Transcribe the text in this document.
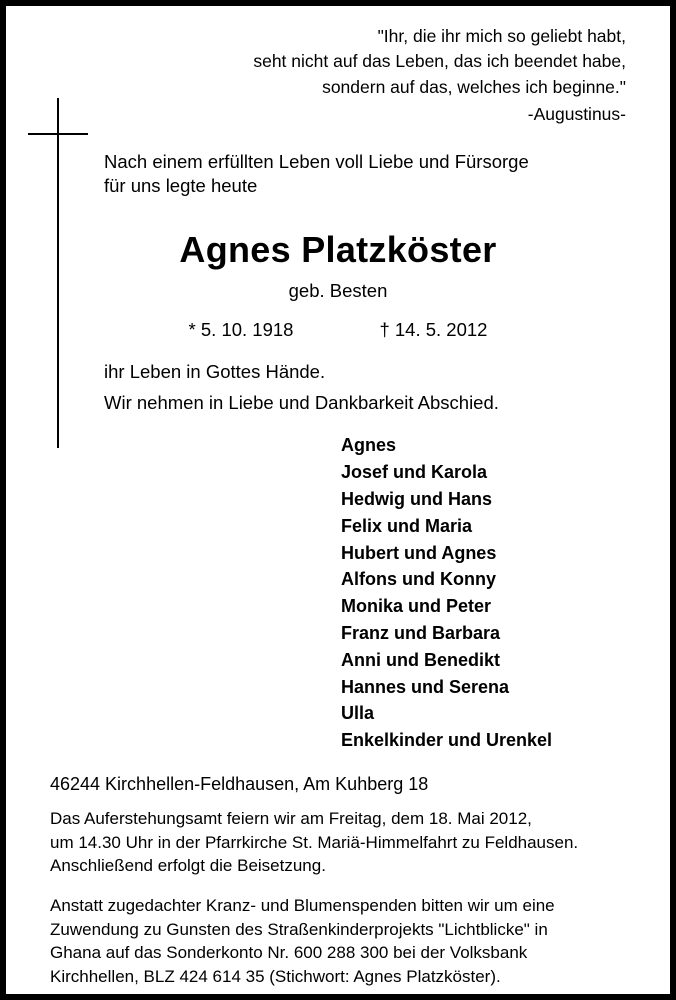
"Ihr, die ihr mich so geliebt habt,
seht nicht auf das Leben, das ich beendet habe,
sondern auf das, welches ich beginne."
-Augustinus-
Nach einem erfüllten Leben voll Liebe und Fürsorge
für uns legte heute
Agnes Platzköster
geb. Besten
* 5. 10. 1918	† 14. 5. 2012
ihr Leben in Gottes Hände.
Wir nehmen in Liebe und Dankbarkeit Abschied.
Agnes
Josef und Karola
Hedwig und Hans
Felix und Maria
Hubert und Agnes
Alfons und Konny
Monika und Peter
Franz und Barbara
Anni und Benedikt
Hannes und Serena
Ulla
Enkelkinder und Urenkel
46244 Kirchhellen-Feldhausen, Am Kuhberg 18
Das Auferstehungsamt feiern wir am Freitag, dem 18. Mai 2012,
um 14.30 Uhr in der Pfarrkirche St. Mariä-Himmelfahrt zu Feldhausen.
Anschließend erfolgt die Beisetzung.
Anstatt zugedachter Kranz- und Blumenspenden bitten wir um eine
Zuwendung zu Gunsten des Straßenkinderprojekts "Lichtblicke" in
Ghana auf das Sonderkonto Nr. 600 288 300 bei der Volksbank
Kirchhellen, BLZ 424 614 35 (Stichwort: Agnes Platzköster).
